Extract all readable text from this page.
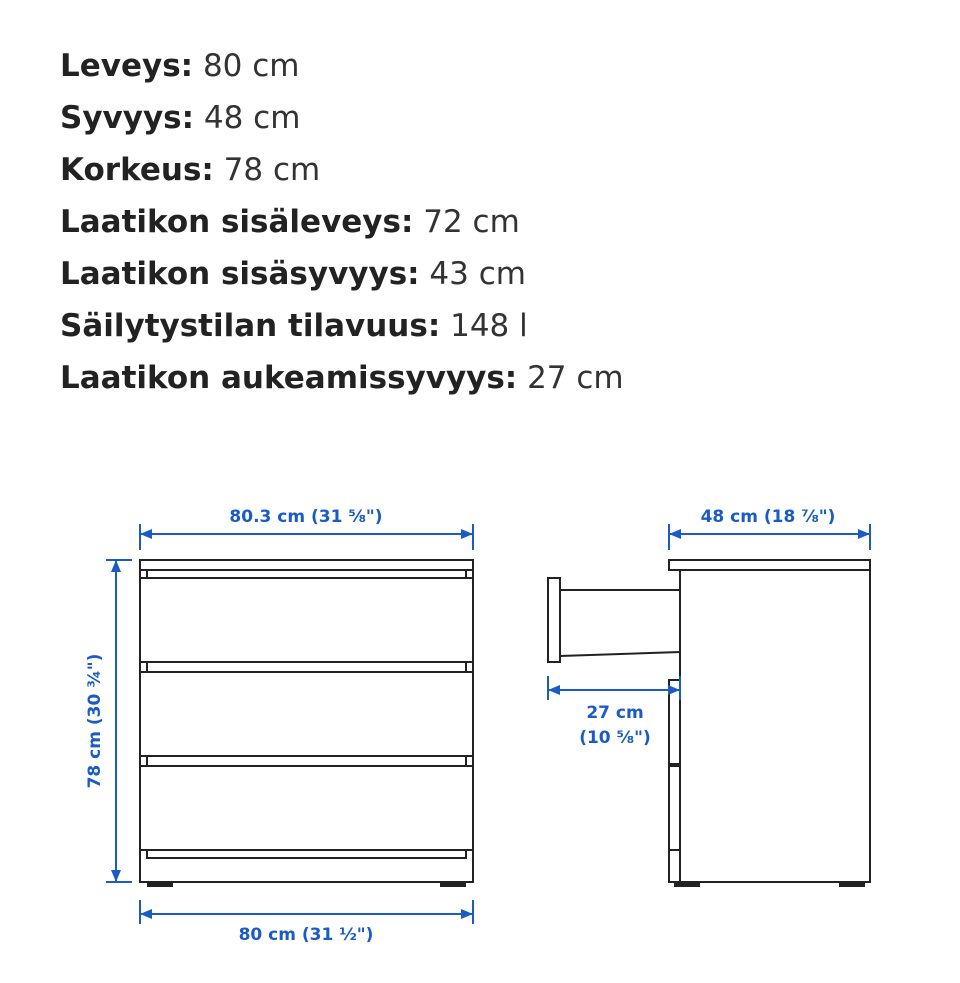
Leveys: 80 cm
Syvyys: 48 cm
Korkeus: 78 cm
Laatikon sisäleveys: 72 cm
Laatikon sisäsyvyys: 43 cm
Säilytystilan tilavuus: 148 l
Laatikon aukeamissyvyys: 27 cm
80.3 cm (31 ⅝")
80 cm (31 ½")
78 cm (30 ¾")
48 cm (18 ⅞")
27 cm
(10 ⅝")
